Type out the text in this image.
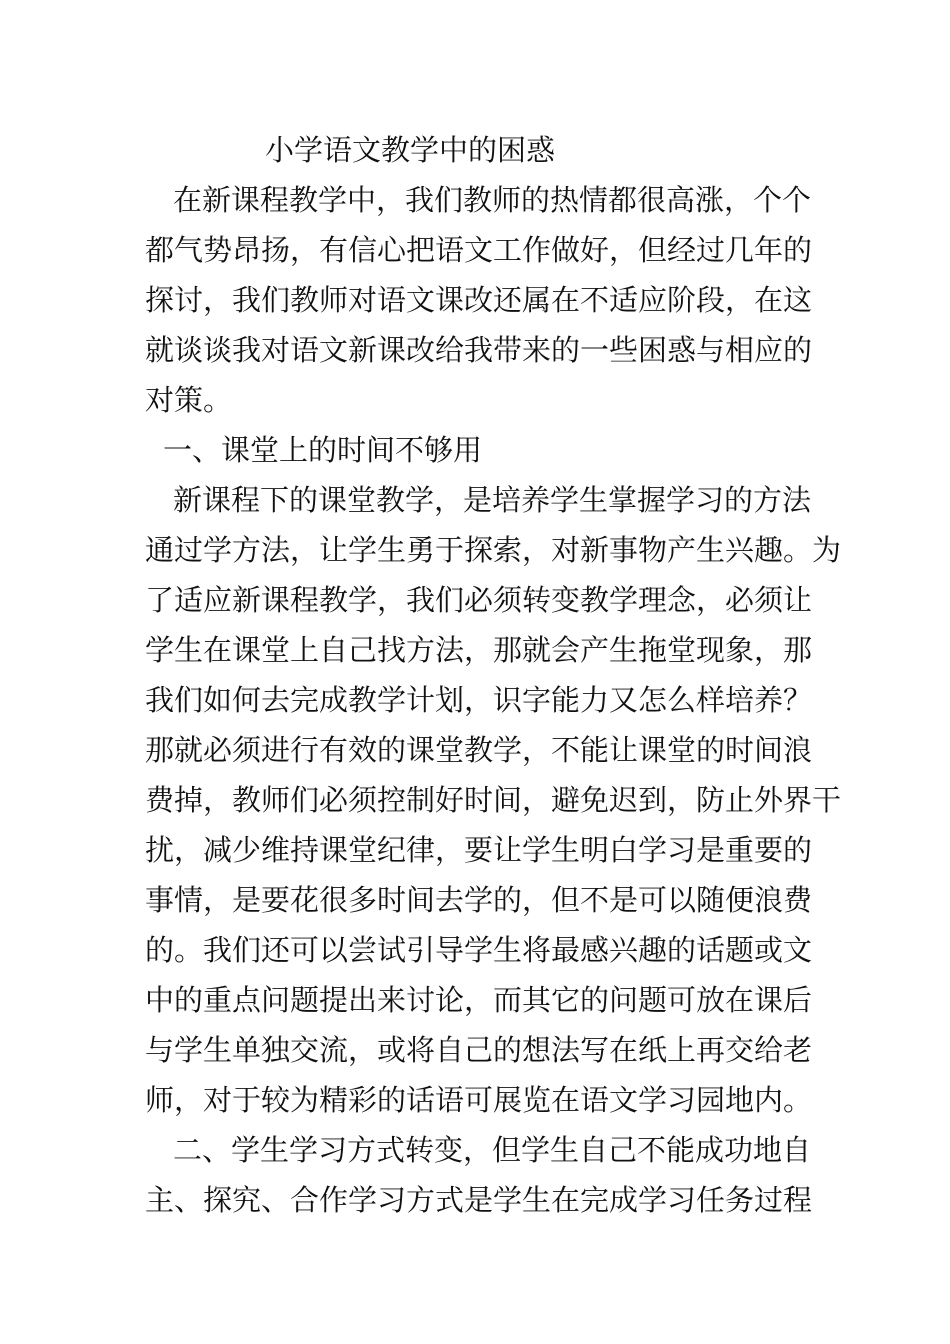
小学语文教学中的困惑
在新课程教学中，我们教师的热情都很高涨，个个
都气势昂扬，有信心把语文工作做好，但经过几年的
探讨，我们教师对语文课改还属在不适应阶段，在这
就谈谈我对语文新课改给我带来的一些困惑与相应的
对策。
一、课堂上的时间不够用
新课程下的课堂教学，是培养学生掌握学习的方法
通过学方法，让学生勇于探索，对新事物产生兴趣。为
了适应新课程教学，我们必须转变教学理念，必须让
学生在课堂上自己找方法，那就会产生拖堂现象，那
我们如何去完成教学计划，识字能力又怎么样培养？
那就必须进行有效的课堂教学，不能让课堂的时间浪
费掉，教师们必须控制好时间，避免迟到，防止外界干
扰，减少维持课堂纪律，要让学生明白学习是重要的
事情，是要花很多时间去学的，但不是可以随便浪费
的。我们还可以尝试引导学生将最感兴趣的话题或文
中的重点问题提出来讨论，而其它的问题可放在课后
与学生单独交流，或将自己的想法写在纸上再交给老
师，对于较为精彩的话语可展览在语文学习园地内。
二、学生学习方式转变，但学生自己不能成功地自
主、探究、合作学习方式是学生在完成学习任务过程
